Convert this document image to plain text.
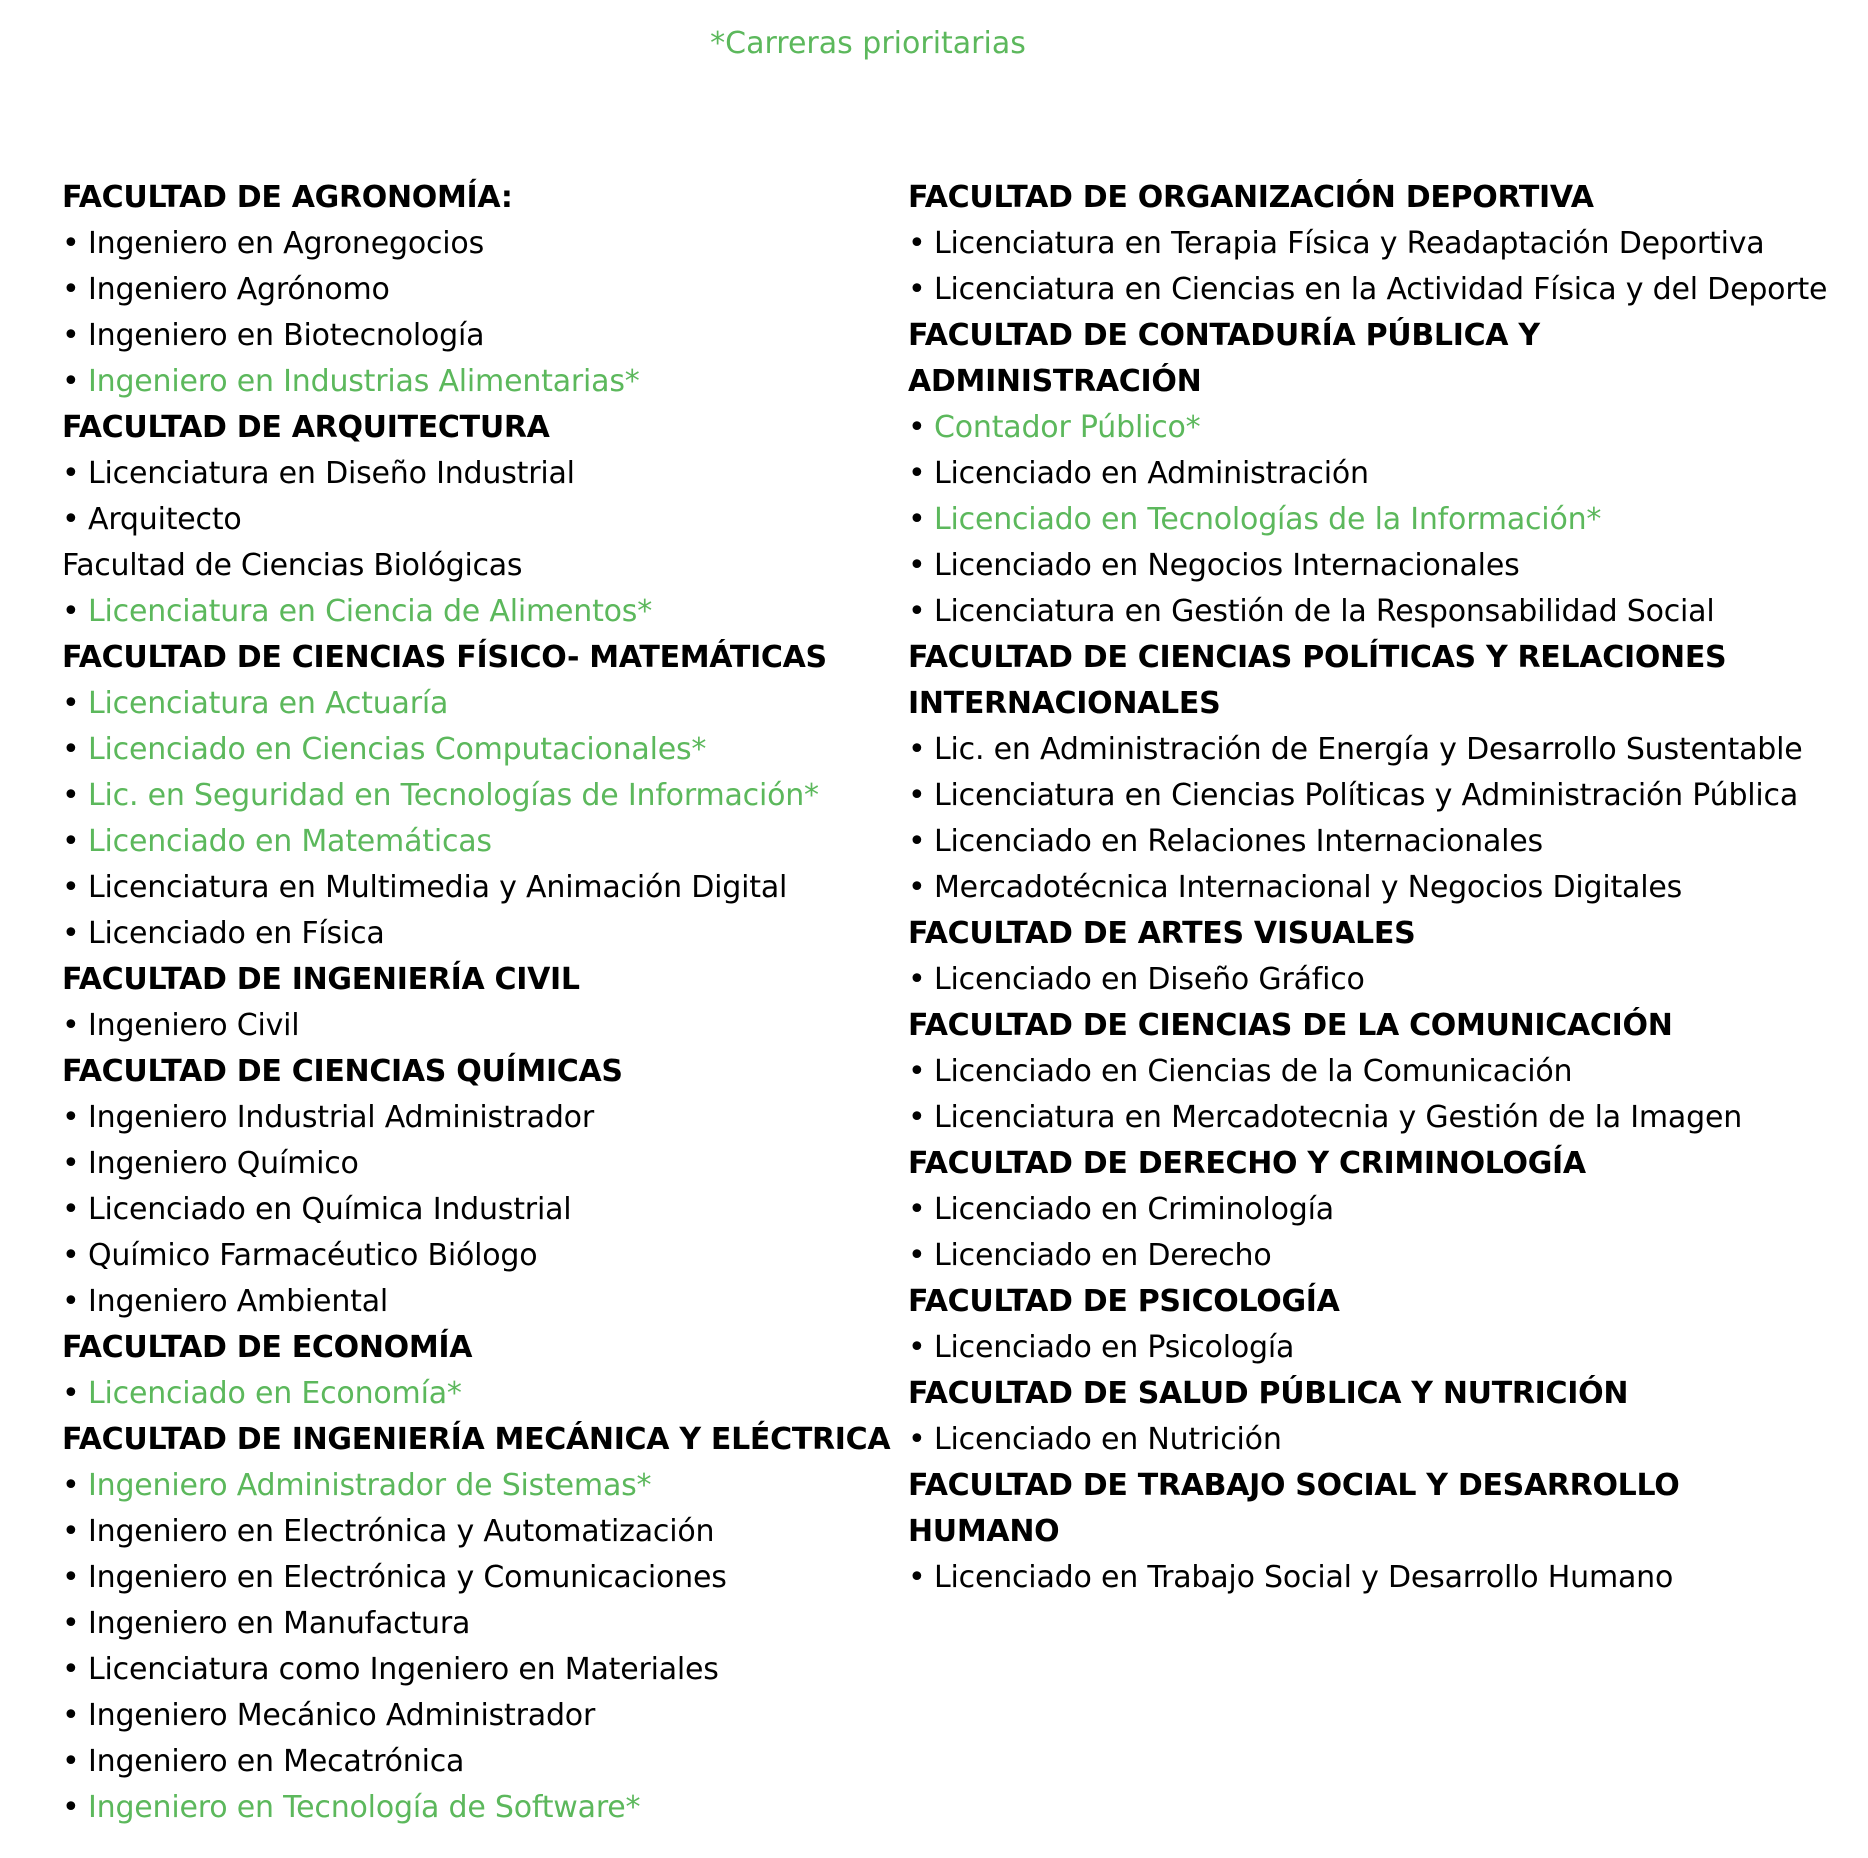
*Carreras prioritarias
FACULTAD DE AGRONOMÍA:
• Ingeniero en Agronegocios
• Ingeniero Agrónomo
• Ingeniero en Biotecnología
• Ingeniero en Industrias Alimentarias*
FACULTAD DE ARQUITECTURA
• Licenciatura en Diseño Industrial
• Arquitecto
Facultad de Ciencias Biológicas
• Licenciatura en Ciencia de Alimentos*
FACULTAD DE CIENCIAS FÍSICO- MATEMÁTICAS
• Licenciatura en Actuaría
• Licenciado en Ciencias Computacionales*
• Lic. en Seguridad en Tecnologías de Información*
• Licenciado en Matemáticas
• Licenciatura en Multimedia y Animación Digital
• Licenciado en Física
FACULTAD DE INGENIERÍA CIVIL
• Ingeniero Civil
FACULTAD DE CIENCIAS QUÍMICAS
• Ingeniero Industrial Administrador
• Ingeniero Químico
• Licenciado en Química Industrial
• Químico Farmacéutico Biólogo
• Ingeniero Ambiental
FACULTAD DE ECONOMÍA
• Licenciado en Economía*
FACULTAD DE INGENIERÍA MECÁNICA Y ELÉCTRICA
• Ingeniero Administrador de Sistemas*
• Ingeniero en Electrónica y Automatización
• Ingeniero en Electrónica y Comunicaciones
• Ingeniero en Manufactura
• Licenciatura como Ingeniero en Materiales
• Ingeniero Mecánico Administrador
• Ingeniero en Mecatrónica
• Ingeniero en Tecnología de Software*
FACULTAD DE ORGANIZACIÓN DEPORTIVA
• Licenciatura en Terapia Física y Readaptación Deportiva
• Licenciatura en Ciencias en la Actividad Física y del Deporte
FACULTAD DE CONTADURÍA PÚBLICA Y ADMINISTRACIÓN
• Contador Público*
• Licenciado en Administración
• Licenciado en Tecnologías de la Información*
• Licenciado en Negocios Internacionales
• Licenciatura en Gestión de la Responsabilidad Social
FACULTAD DE CIENCIAS POLÍTICAS Y RELACIONES
INTERNACIONALES
• Lic. en Administración de Energía y Desarrollo Sustentable
• Licenciatura en Ciencias Políticas y Administración Pública
• Licenciado en Relaciones Internacionales
• Mercadotécnica Internacional y Negocios Digitales
FACULTAD DE ARTES VISUALES
• Licenciado en Diseño Gráfico
FACULTAD DE CIENCIAS DE LA COMUNICACIÓN
• Licenciado en Ciencias de la Comunicación
• Licenciatura en Mercadotecnia y Gestión de la Imagen
FACULTAD DE DERECHO Y CRIMINOLOGÍA
• Licenciado en Criminología
• Licenciado en Derecho
FACULTAD DE PSICOLOGÍA
• Licenciado en Psicología
FACULTAD DE SALUD PÚBLICA Y NUTRICIÓN
• Licenciado en Nutrición
FACULTAD DE TRABAJO SOCIAL Y DESARROLLO HUMANO
• Licenciado en Trabajo Social y Desarrollo Humano
